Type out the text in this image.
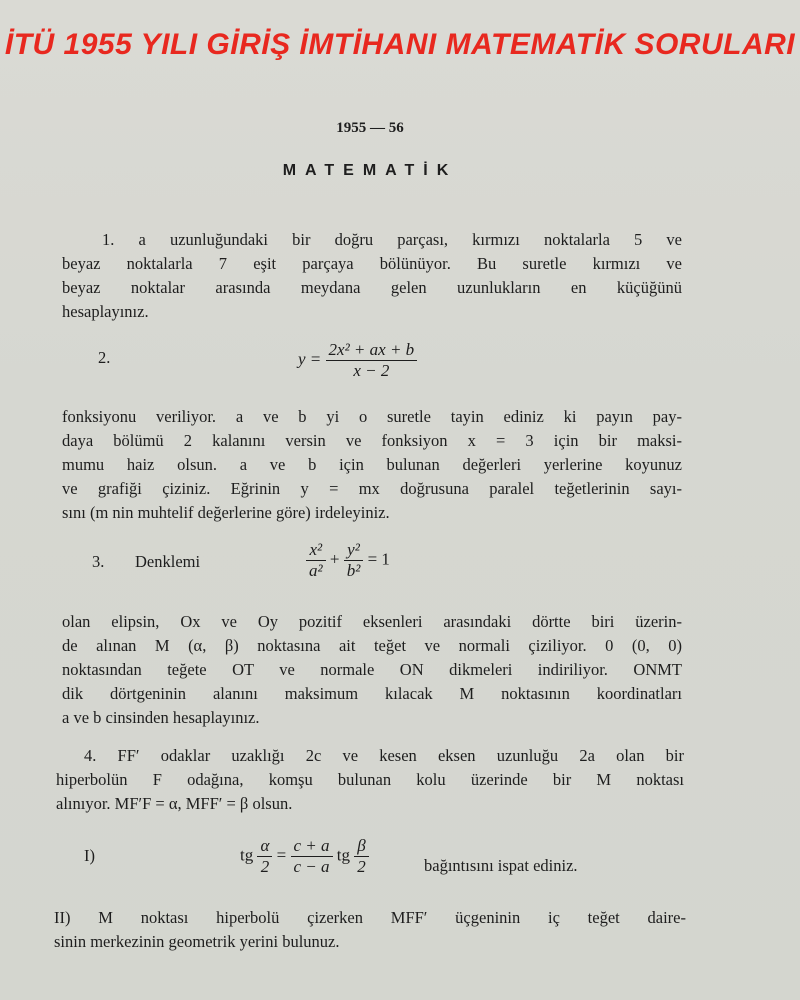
İTÜ 1955 YILI GİRİŞ İMTİHANI MATEMATİK SORULARI
1955 — 56
MATEMATİK
1. a uzunluğundaki bir doğru parçası, kırmızı noktalarla 5 ve
beyaz noktalarla 7 eşit parçaya bölünüyor. Bu suretle kırmızı ve
beyaz noktalar arasında meydana gelen uzunlukların en küçüğünü
hesaplayınız.
2.	$y = \frac{\text{2x² + ax + b}}{x - 2}$
fonksiyonu veriliyor. a ve b yi o suretle tayin ediniz ki payın pay-
daya bölümü 2 kalanını versin ve fonksiyon x = 3 için bir maksi-
mumu haiz olsun. a ve b için bulunan değerleri yerlerine koyunuz
ve grafiği çiziniz. Eğrinin y = mx doğrusuna paralel teğetlerinin sayı-
sını (m nin muhtelif değerlerine göre) irdeleyiniz.
3. Denklemi	$\frac{\text{x²}}{\text{a²}} + \frac{\text{y²}}{\text{b²}} = 1$
olan elipsin, Ox ve Oy pozitif eksenleri arasındaki dörtte biri üzerin-
de alınan M (α, β) noktasına ait teğet ve normali çiziliyor. 0 (0, 0)
noktasından teğete OT ve normale ON dikmeleri indiriliyor. ONMT
dik dörtgeninin alanını maksimum kılacak M noktasının koordinatları
a ve b cinsinden hesaplayınız.
4. FF′ odaklar uzaklığı 2c ve kesen eksen uzunluğu 2a olan bir
hiperbolün F odağına, komşu bulunan kolu üzerinde bir M noktası
alınıyor. MF′F = α, MFF′ = β olsun.
I)	tg $\frac{\alpha}{2} = \frac{c + a}{c - a}$ tg $\frac{\beta}{2}$	bağıntısını ispat ediniz.
II) M noktası hiperbolü çizerken MFF′ üçgeninin iç teğet daire-
sinin merkezinin geometrik yerini bulunuz.
